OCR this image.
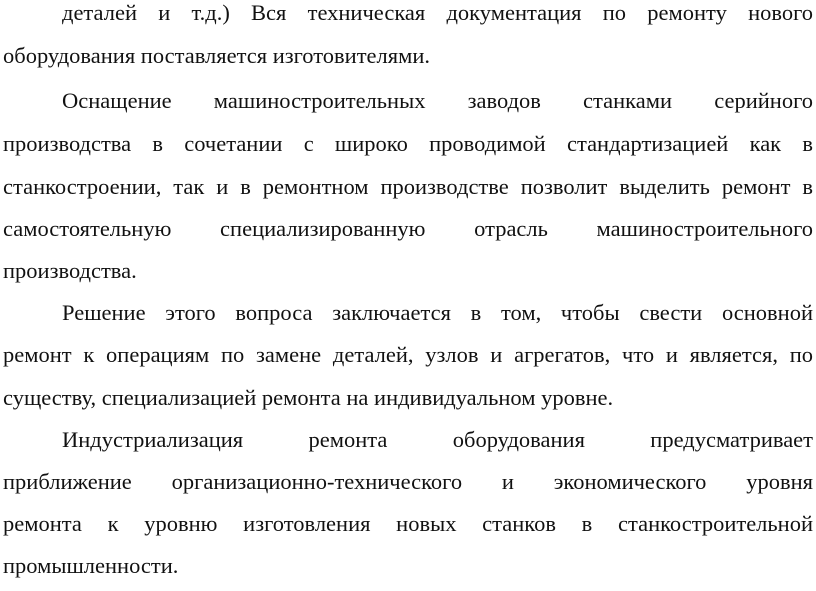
деталей и т.д.) Вся техническая документация по ремонту нового
оборудования поставляется изготовителями.
Оснащение машиностроительных заводов станками серийного
производства в сочетании с широко проводимой стандартизацией как в
станкостроении, так и в ремонтном производстве позволит выделить ремонт в
самостоятельную специализированную отрасль машиностроительного
производства.
Решение этого вопроса заключается в том, чтобы свести основной
ремонт к операциям по замене деталей, узлов и агрегатов, что и является, по
существу, специализацией ремонта на индивидуальном уровне.
Индустриализация ремонта оборудования предусматривает
приближение организационно-технического и экономического уровня
ремонта к уровню изготовления новых станков в станкостроительной
промышленности.
